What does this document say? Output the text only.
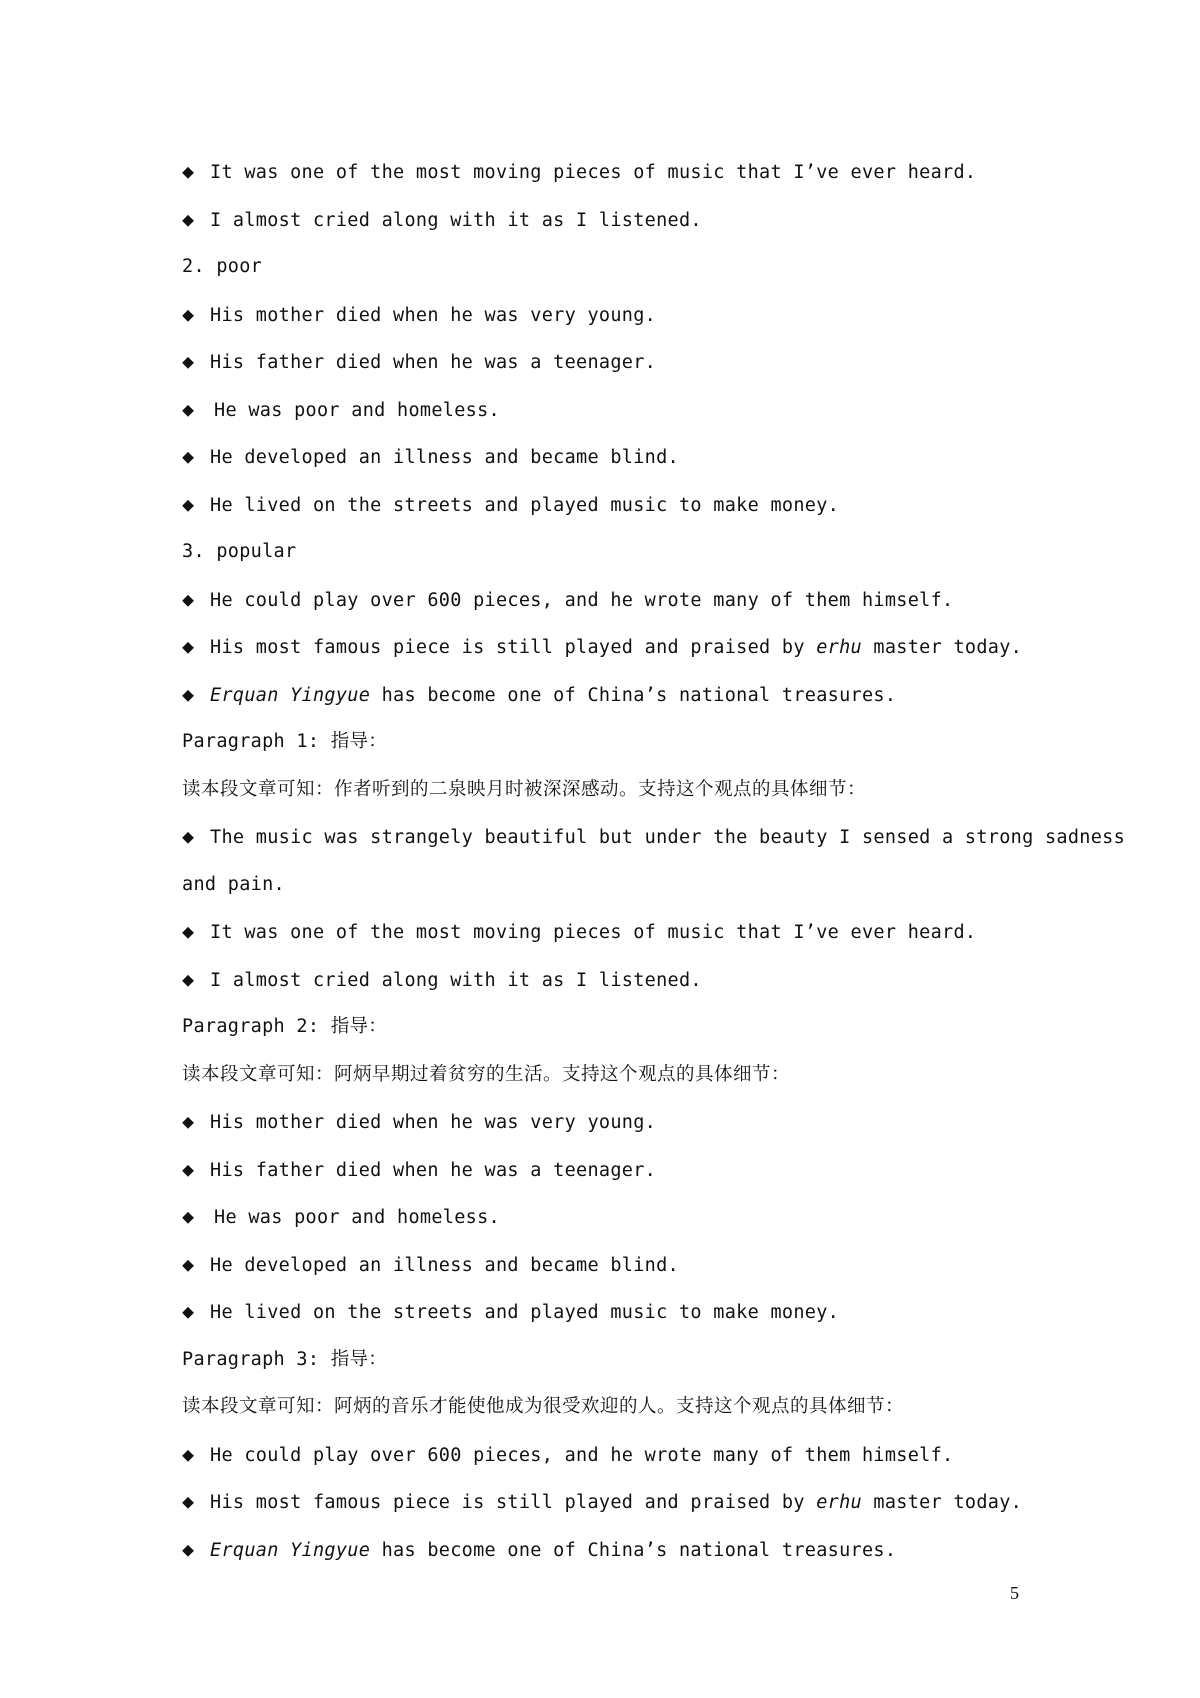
◆ It was one of the most moving pieces of music that I’ve ever heard.
◆ I almost cried along with it as I listened.
2. poor
◆ His mother died when he was very young.
◆ His father died when he was a teenager.
◆ He was poor and homeless.
◆ He developed an illness and became blind.
◆ He lived on the streets and played music to make money.
3. popular
◆ He could play over 600 pieces, and he wrote many of them himself.
◆ His most famous piece is still played and praised by erhu master today.
◆ Erquan Yingyue has become one of China’s national treasures.
Paragraph 1: 指导：
读本段文章可知：作者听到的二泉映月时被深深感动。支持这个观点的具体细节：
◆ The music was strangely beautiful but under the beauty I sensed a strong sadness
and pain.
◆ It was one of the most moving pieces of music that I’ve ever heard.
◆ I almost cried along with it as I listened.
Paragraph 2: 指导：
读本段文章可知：阿炳早期过着贫穷的生活。支持这个观点的具体细节：
◆ His mother died when he was very young.
◆ His father died when he was a teenager.
◆ He was poor and homeless.
◆ He developed an illness and became blind.
◆ He lived on the streets and played music to make money.
Paragraph 3: 指导：
读本段文章可知：阿炳的音乐才能使他成为很受欢迎的人。支持这个观点的具体细节：
◆ He could play over 600 pieces, and he wrote many of them himself.
◆ His most famous piece is still played and praised by erhu master today.
◆ Erquan Yingyue has become one of China’s national treasures.
5
